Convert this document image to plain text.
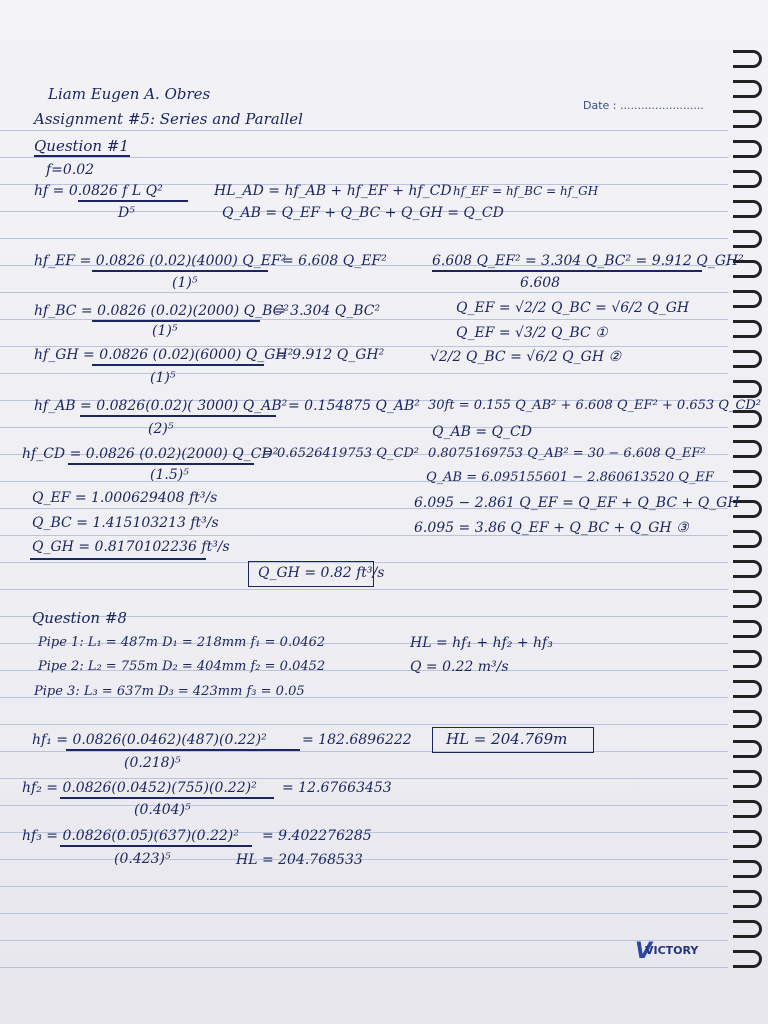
Date : ........................
Liam Eugen A. Obres
Assignment #5: Series and Parallel
Question #1
f=0.02
hf = 0.0826 f L Q²
D⁵
HL_AD = hf_AB + hf_EF + hf_CD
Q_AB = Q_EF + Q_BC + Q_GH = Q_CD
hf_EF = hf_BC = hf_GH
hf_EF = 0.0826 (0.02)(4000) Q_EF²
= 6.608 Q_EF²
(1)⁵
hf_BC = 0.0826 (0.02)(2000) Q_BC²
= 3.304 Q_BC²
(1)⁵
hf_GH = 0.0826 (0.02)(6000) Q_GH²
= 9.912 Q_GH²
(1)⁵
hf_AB = 0.0826(0.02)( 3000) Q_AB² = 0.154875 Q_AB²
(2)⁵
hf_CD = 0.0826 (0.02)(2000) Q_CD²
= 0.6526419753 Q_CD²
(1.5)⁵
6.608 Q_EF² = 3.304 Q_BC² = 9.912 Q_GH²
6.608
Q_EF = √2/2 Q_BC = √6/2 Q_GH
Q_EF = √3/2 Q_BC ①
√2/2 Q_BC = √6/2 Q_GH ②
30ft = 0.155 Q_AB² + 6.608 Q_EF² + 0.653 Q_CD²
Q_AB = Q_CD
0.8075169753 Q_AB² = 30 − 6.608 Q_EF²
Q_AB = 6.095155601 − 2.860613520 Q_EF
6.095 − 2.861 Q_EF = Q_EF + Q_BC + Q_GH
6.095 = 3.86 Q_EF + Q_BC + Q_GH ③
Q_EF = 1.000629408 ft³/s
Q_BC = 1.415103213 ft³/s
Q_GH = 0.8170102236 ft³/s
Q_GH = 0.82 ft³/s
Question #8
Pipe 1: L₁ = 487m D₁ = 218mm f₁ = 0.0462
Pipe 2: L₂ = 755m D₂ = 404mm f₂ = 0.0452
Pipe 3: L₃ = 637m D₃ = 423mm f₃ = 0.05
HL = hf₁ + hf₂ + hf₃
Q = 0.22 m³/s
hf₁ = 0.0826(0.0462)(487)(0.22)²	= 182.6896222
(0.218)⁵
HL = 204.769m
hf₂ = 0.0826(0.0452)(755)(0.22)² = 12.67663453
(0.404)⁵
hf₃ = 0.0826(0.05)(637)(0.22)² = 9.402276285
(0.423)⁵	HL = 204.768533
V
VICTORY
